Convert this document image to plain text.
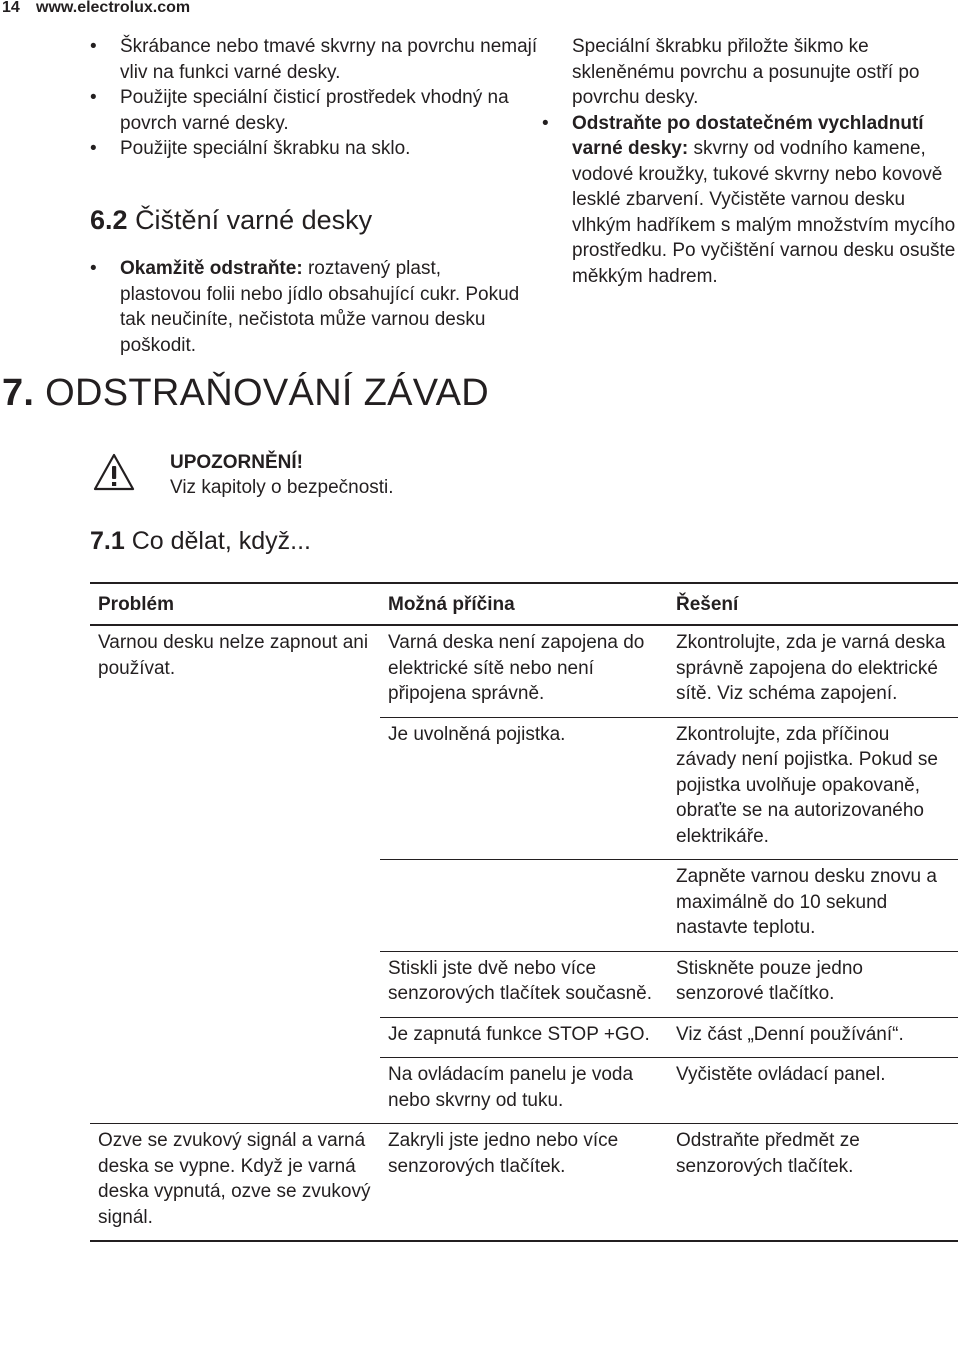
14 www.electrolux.com
• Škrábance nebo tmavé skvrny na povrchu nemají vliv na funkci varné desky.
• Použijte speciální čisticí prostředek vhodný na povrch varné desky.
• Použijte speciální škrabku na sklo.
6.2 Čištění varné desky
• Okamžitě odstraňte: roztavený plast, plastovou folii nebo jídlo obsahující cukr. Pokud tak neučiníte, nečistota může varnou desku poškodit.
Speciální škrabku přiložte šikmo ke skleněnému povrchu a posunujte ostří po povrchu desky.
• Odstraňte po dostatečném vychladnutí varné desky: skvrny od vodního kamene, vodové kroužky, tukové skvrny nebo kovově lesklé zbarvení. Vyčistěte varnou desku vlhkým hadříkem s malým množstvím mycího prostředku. Po vyčištění varnou desku osušte měkkým hadrem.
7. ODSTRAŇOVÁNÍ ZÁVAD
UPOZORNĚNÍ!
Viz kapitoly o bezpečnosti.
7.1 Co dělat, když...
Problém	Možná příčina	Řešení
Varnou desku nelze zapnout ani používat.	Varná deska není zapojena do elektrické sítě nebo není připojena správně.	Zkontrolujte, zda je varná deska správně zapojena do elektrické sítě. Viz schéma zapojení.
	Je uvolněná pojistka.	Zkontrolujte, zda příčinou závady není pojistka. Pokud se pojistka uvolňuje opakovaně, obraťte se na autorizovaného elektrikáře.
		Zapněte varnou desku znovu a maximálně do 10 sekund nastavte teplotu.
	Stiskli jste dvě nebo více senzorových tlačítek současně.	Stiskněte pouze jedno senzorové tlačítko.
	Je zapnutá funkce STOP +GO.	Viz část „Denní používání“.
	Na ovládacím panelu je voda nebo skvrny od tuku.	Vyčistěte ovládací panel.
Ozve se zvukový signál a varná deska se vypne. Když je varná deska vypnutá, ozve se zvukový signál.	Zakryli jste jedno nebo více senzorových tlačítek.	Odstraňte předmět ze senzorových tlačítek.
